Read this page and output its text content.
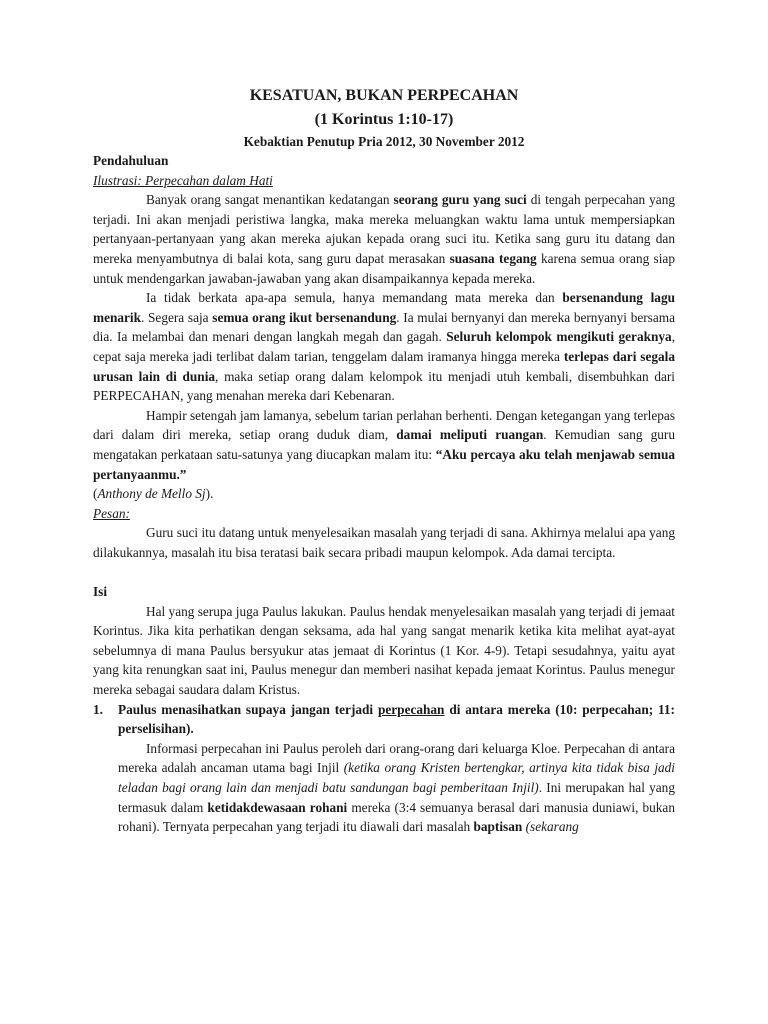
KESATUAN, BUKAN PERPECAHAN
(1 Korintus 1:10-17)
Kebaktian Penutup Pria 2012, 30 November 2012
Pendahuluan
Ilustrasi: Perpecahan dalam Hati

Banyak orang sangat menantikan kedatangan seorang guru yang suci di tengah perpecahan yang terjadi. Ini akan menjadi peristiwa langka, maka mereka meluangkan waktu lama untuk mempersiapkan pertanyaan-pertanyaan yang akan mereka ajukan kepada orang suci itu. Ketika sang guru itu datang dan mereka menyambutnya di balai kota, sang guru dapat merasakan suasana tegang karena semua orang siap untuk mendengarkan jawaban-jawaban yang akan disampaikannya kepada mereka.

Ia tidak berkata apa-apa semula, hanya memandang mata mereka dan bersenandung lagu menarik. Segera saja semua orang ikut bersenandung. Ia mulai bernyanyi dan mereka bernyanyi bersama dia. Ia melambai dan menari dengan langkah megah dan gagah. Seluruh kelompok mengikuti geraknya, cepat saja mereka jadi terlibat dalam tarian, tenggelam dalam iramanya hingga mereka terlepas dari segala urusan lain di dunia, maka setiap orang dalam kelompok itu menjadi utuh kembali, disembuhkan dari PERPECAHAN, yang menahan mereka dari Kebenaran.

Hampir setengah jam lamanya, sebelum tarian perlahan berhenti. Dengan ketegangan yang terlepas dari dalam diri mereka, setiap orang duduk diam, damai meliputi ruangan. Kemudian sang guru mengatakan perkataan satu-satunya yang diucapkan malam itu: “Aku percaya aku telah menjawab semua pertanyaanmu.”

(Anthony de Mello Sj).

Pesan:

Guru suci itu datang untuk menyelesaikan masalah yang terjadi di sana. Akhirnya melalui apa yang dilakukannya, masalah itu bisa teratasi baik secara pribadi maupun kelompok. Ada damai tercipta.

Isi

Hal yang serupa juga Paulus lakukan. Paulus hendak menyelesaikan masalah yang terjadi di jemaat Korintus. Jika kita perhatikan dengan seksama, ada hal yang sangat menarik ketika kita melihat ayat-ayat sebelumnya di mana Paulus bersyukur atas jemaat di Korintus (1 Kor. 4-9). Tetapi sesudahnya, yaitu ayat yang kita renungkan saat ini, Paulus menegur dan memberi nasihat kepada jemaat Korintus. Paulus menegur mereka sebagai saudara dalam Kristus.

1. Paulus menasihatkan supaya jangan terjadi perpecahan di antara mereka (10: perpecahan; 11: perselisihan).

Informasi perpecahan ini Paulus peroleh dari orang-orang dari keluarga Kloe. Perpecahan di antara mereka adalah ancaman utama bagi Injil (ketika orang Kristen bertengkar, artinya kita tidak bisa jadi teladan bagi orang lain dan menjadi batu sandungan bagi pemberitaan Injil). Ini merupakan hal yang termasuk dalam ketidakdewasaan rohani mereka (3:4 semuanya berasal dari manusia duniawi, bukan rohani). Ternyata perpecahan yang terjadi itu diawali dari masalah baptisan (sekarang
